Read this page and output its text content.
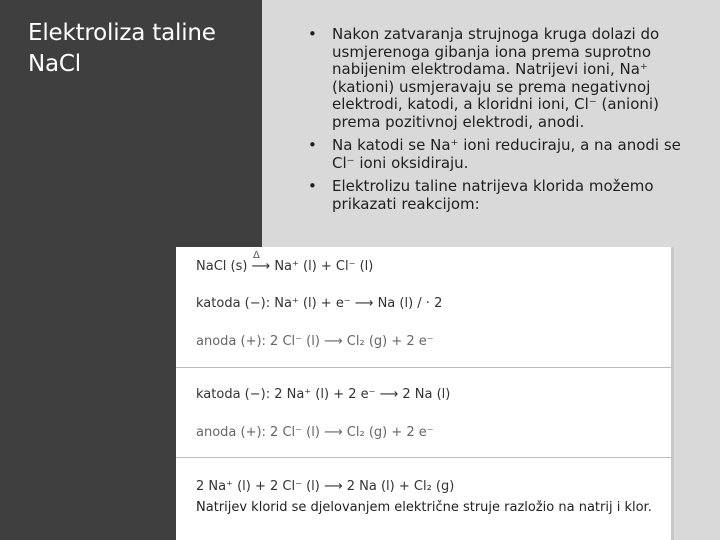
Elektroliza taline NaCl
• Nakon zatvaranja strujnoga kruga dolazi do usmjerenoga gibanja iona prema suprotno nabijenim elektrodama. Natrijevi ioni, Na⁺ (kationi) usmjeravaju se prema negativnoj elektrodi, katodi, a kloridni ioni, Cl⁻ (anioni) prema pozitivnoj elektrodi, anodi.
• Na katodi se Na⁺ ioni reduciraju, a na anodi se Cl⁻ ioni oksidiraju.
• Elektrolizu taline natrijeva klorida možemo prikazati reakcijom:
Δ
NaCl (s) ⟶ Na⁺ (l) + Cl⁻ (l)
katoda (−): Na⁺ (l) + e⁻ ⟶ Na (l) / · 2
anoda (+): 2 Cl⁻ (l) ⟶ Cl₂ (g) + 2 e⁻
katoda (−): 2 Na⁺ (l) + 2 e⁻ ⟶ 2 Na (l)
anoda (+): 2 Cl⁻ (l) ⟶ Cl₂ (g) + 2 e⁻
2 Na⁺ (l) + 2 Cl⁻ (l) ⟶ 2 Na (l) + Cl₂ (g)
Natrijev klorid se djelovanjem električne struje razložio na natrij i klor.
